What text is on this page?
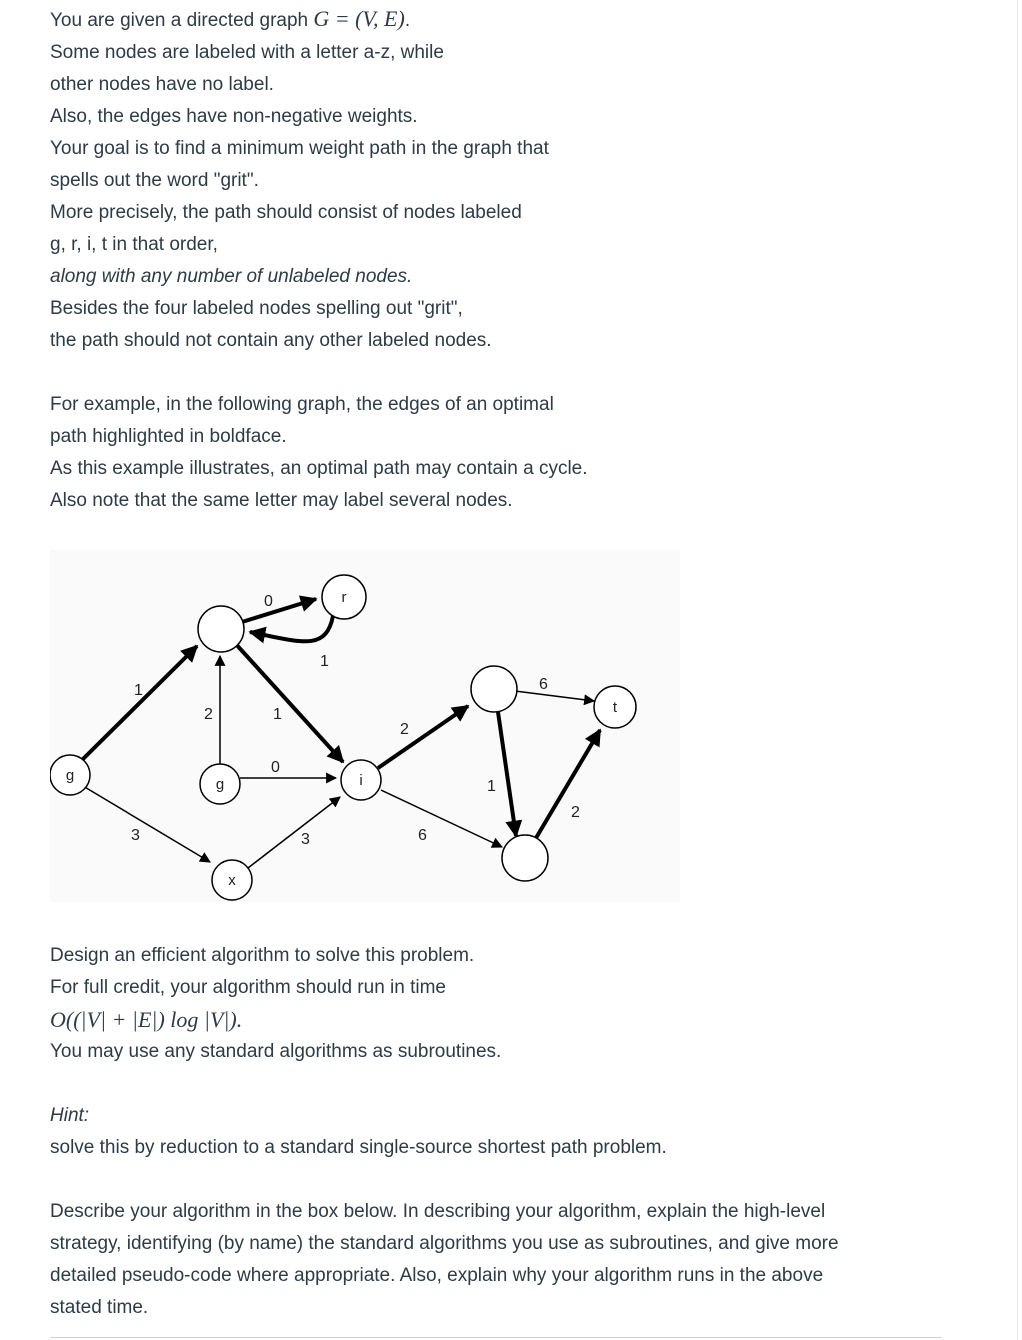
You are given a directed graph G = (V, E).
Some nodes are labeled with a letter a-z, while
other nodes have no label.
Also, the edges have non-negative weights.
Your goal is to find a minimum weight path in the graph that
spells out the word "grit".
More precisely, the path should consist of nodes labeled
g, r, i, t in that order,
along with any number of unlabeled nodes.
Besides the four labeled nodes spelling out "grit",
the path should not contain any other labeled nodes.
For example, in the following graph, the edges of an optimal
path highlighted in boldface.
As this example illustrates, an optimal path may contain a cycle.
Also note that the same letter may label several nodes.
1
3
2	1
0
3
0
1
2
6
6
1
2
g
g
x
r
i
t
Design an efficient algorithm to solve this problem.
For full credit, your algorithm should run in time
O((|V| + |E|) log |V|).
You may use any standard algorithms as subroutines.
Hint:
solve this by reduction to a standard single-source shortest path problem.
Describe your algorithm in the box below. In describing your algorithm, explain the high-level
strategy, identifying (by name) the standard algorithms you use as subroutines, and give more
detailed pseudo-code where appropriate. Also, explain why your algorithm runs in the above
stated time.
